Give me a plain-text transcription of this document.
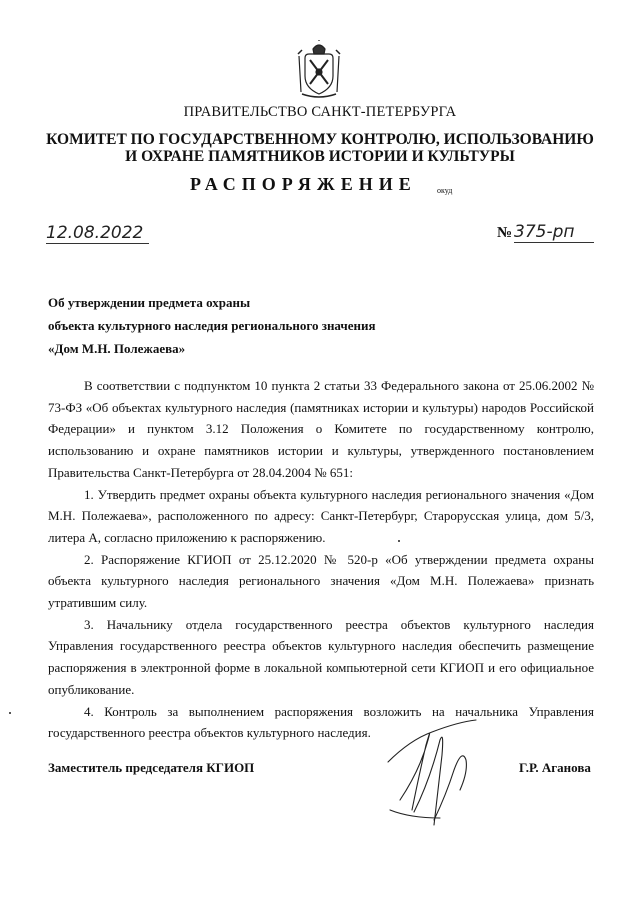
ПРАВИТЕЛЬСТВО САНКТ-ПЕТЕРБУРГА
КОМИТЕТ ПО ГОСУДАРСТВЕННОМУ КОНТРОЛЮ, ИСПОЛЬЗОВАНИЮ
И ОХРАНЕ ПАМЯТНИКОВ ИСТОРИИ И КУЛЬТУРЫ
РАСПОРЯЖЕНИЕ	окуд
12.08.2022	№ 375-рп
Об утверждении предмета охраны
объекта культурного наследия регионального значения
«Дом М.Н. Полежаева»

В соответствии с подпунктом 10 пункта 2 статьи 33 Федерального закона от 25.06.2002 № 73-ФЗ «Об объектах культурного наследия (памятниках истории и культуры) народов Российской Федерации» и пунктом 3.12 Положения о Комитете по государственному контролю, использованию и охране памятников истории и культуры, утвержденного постановлением Правительства Санкт-Петербурга от 28.04.2004 № 651:

1. Утвердить предмет охраны объекта культурного наследия регионального значения «Дом М.Н. Полежаева», расположенного по адресу: Санкт-Петербург, Старорусская улица, дом 5/3, литера А, согласно приложению к распоряжению.

2. Распоряжение КГИОП от 25.12.2020 № 520-р «Об утверждении предмета охраны объекта культурного наследия регионального значения «Дом М.Н. Полежаева» признать утратившим силу.

3. Начальнику отдела государственного реестра объектов культурного наследия Управления государственного реестра объектов культурного наследия обеспечить размещение распоряжения в электронной форме в локальной компьютерной сети КГИОП и его официальное опубликование.

4. Контроль за выполнением распоряжения возложить на начальника Управления государственного реестра объектов культурного наследия.

Заместитель председателя КГИОП	Г.Р. Аганова
